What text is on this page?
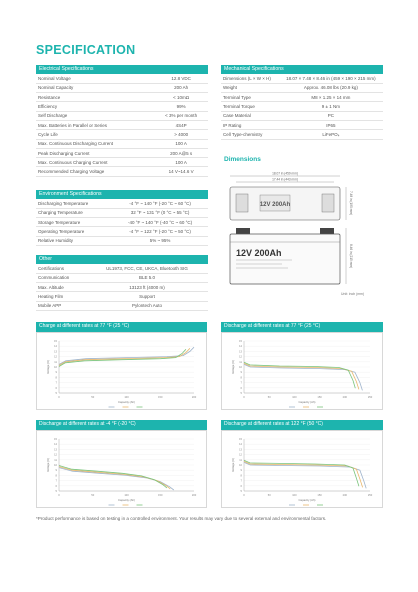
SPECIFICATION
Electrical Specifications
Nominal Voltage	12.8 VDC
Nominal Capacity	200 Ah
Resistance	< 10mΩ
Efficiency	99%
Self Discharge	< 3% per month
Max. Batteries in Parallel or Series	4S4P
Cycle Life	> 4000
Max. Continuous Discharging Current	100 A
Peak Discharging Current	200 A@5 s
Max. Continuous Charging Current	100 A
Recommended Charging Voltage	14 V~14.6 V
Environment Specifications
Discharging Temperature	-4 °F ~ 140 °F (-20 °C ~ 60 °C)
Charging Temperature	32 °F ~ 131 °F (0 °C ~ 55 °C)
Storage Temperature	-40 °F ~ 140 °F (-40 °C ~ 60 °C)
Operating Temperature	-4 °F ~ 122 °F (-20 °C ~ 50 °C)
Relative Humidity	5% ~ 95%
Other
Certifications	UL1973, FCC, CE, UKCA, Bluetooth SIG
Communication	BLE 5.0
Max. Altitude	13123 ft (4000 m)
Heating Film	Support
Mobile APP	Pylontech Auto
Mechanical Specifications
Dimensions (L × W × H)	18.07 × 7.48 × 8.46 in (459 × 190 × 215 mm)
Weight	Approx. 46.08 lbs (20.9 kg)
Terminal Type	M8 × 1.25 × 14 mm
Terminal Torque	9 ± 1 Nm
Case Material	PC
IP Rating	IP65
Cell Type-chemistry	LiFePO₄
Dimensions
18.07 in (459 mm)
17.44 in (443 mm)
12V 200Ah	7.48 in (190 mm)
12V 200Ah	8.46 in (215 mm)
Unit: inch (mm)
Charge at different rates at 77 °F (25 °C)
15
14
13
12
11
10
9
8
7
6
5
0	50	100	150	200
Capacity (Ah)
Voltage (V)
Discharge at different rates at 77 °F (25 °C)
15
14
13
12
11
10
9
8
7
6
5
0	50	100	150	200	250
Capacity (Ah)
Voltage (V)
Discharge at different rates at -4 °F (-20 °C)
15
14
13
12
11
10
9
8
7
6
5
0	50	100	150	200
Capacity (Ah)
Voltage (V)
Discharge at different rates at 122 °F (50 °C)
15
14
13
12
11
10
9
8
7
6
5
0	50	100	150	200	250
Capacity (Ah)
Voltage (V)
*Product performance is based on testing in a controlled environment. Your results may vary due to several external and environmental factors.
